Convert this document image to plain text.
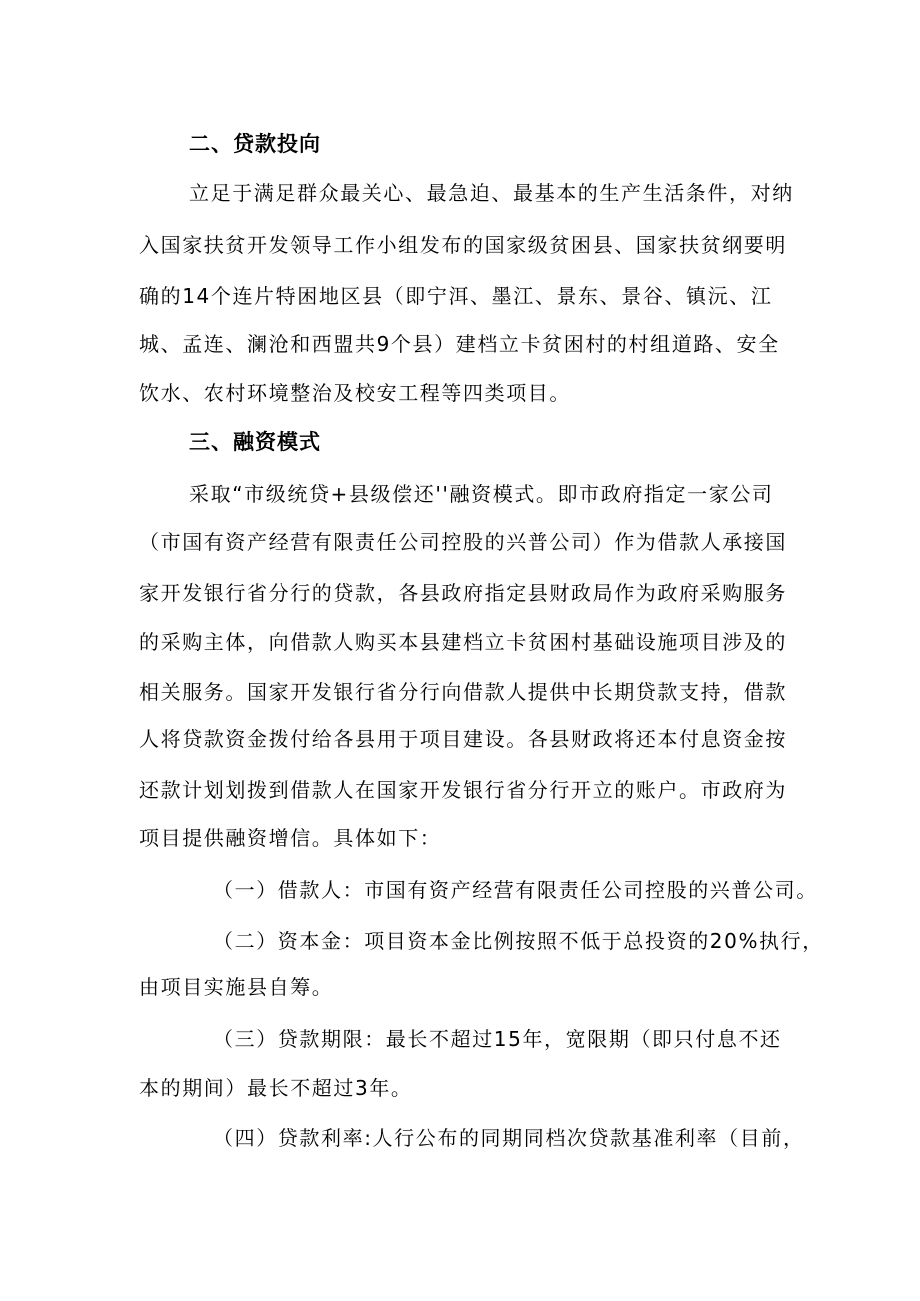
二、贷款投向
立足于满足群众最关心、最急迫、最基本的生产生活条件，对纳
入国家扶贫开发领导工作小组发布的国家级贫困县、国家扶贫纲要明
确的14个连片特困地区县（即宁洱、墨江、景东、景谷、镇沅、江
城、孟连、澜沧和西盟共9个县）建档立卡贫困村的村组道路、安全
饮水、农村环境整治及校安工程等四类项目。
三、融资模式
采取“市级统贷+县级偿还''融资模式。即市政府指定一家公司
（市国有资产经营有限责任公司控股的兴普公司）作为借款人承接国
家开发银行省分行的贷款，各县政府指定县财政局作为政府采购服务
的采购主体，向借款人购买本县建档立卡贫困村基础设施项目涉及的
相关服务。国家开发银行省分行向借款人提供中长期贷款支持，借款
人将贷款资金拨付给各县用于项目建设。各县财政将还本付息资金按
还款计划划拨到借款人在国家开发银行省分行开立的账户。市政府为
项目提供融资增信。具体如下：
（一）借款人：市国有资产经营有限责任公司控股的兴普公司。
（二）资本金：项目资本金比例按照不低于总投资的20%执行，
由项目实施县自筹。
（三）贷款期限：最长不超过15年，宽限期（即只付息不还
本的期间）最长不超过3年。
（四）贷款利率:人行公布的同期同档次贷款基准利率（目前，
